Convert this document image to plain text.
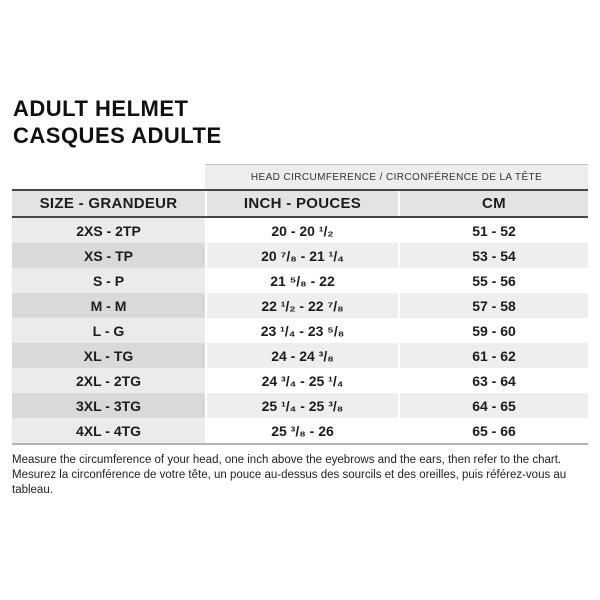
ADULT HELMET
CASQUES ADULTE
HEAD CIRCUMFERENCE / CIRCONFÉRENCE DE LA TÊTE
SIZE - GRANDEUR	INCH - POUCES	CM
2XS - 2TP	20 - 20 ¹/₂	51 - 52
XS - TP	20 ⁷/₈ - 21 ¹/₄	53 - 54
S - P	21 ⁵/₈ - 22	55 - 56
M - M	22 ¹/₂ - 22 ⁷/₈	57 - 58
L - G	23 ¹/₄ - 23 ⁵/₈	59 - 60
XL - TG	24 - 24 ³/₈	61 - 62
2XL - 2TG	24 ³/₄ - 25 ¹/₄	63 - 64
3XL - 3TG	25 ¹/₄ - 25 ³/₈	64 - 65
4XL - 4TG	25 ³/₈ - 26	65 - 66
Measure the circumference of your head, one inch above the eyebrows and the ears, then refer to the chart.
Mesurez la circonférence de votre tête, un pouce au-dessus des sourcils et des oreilles, puis référez-vous au tableau.
